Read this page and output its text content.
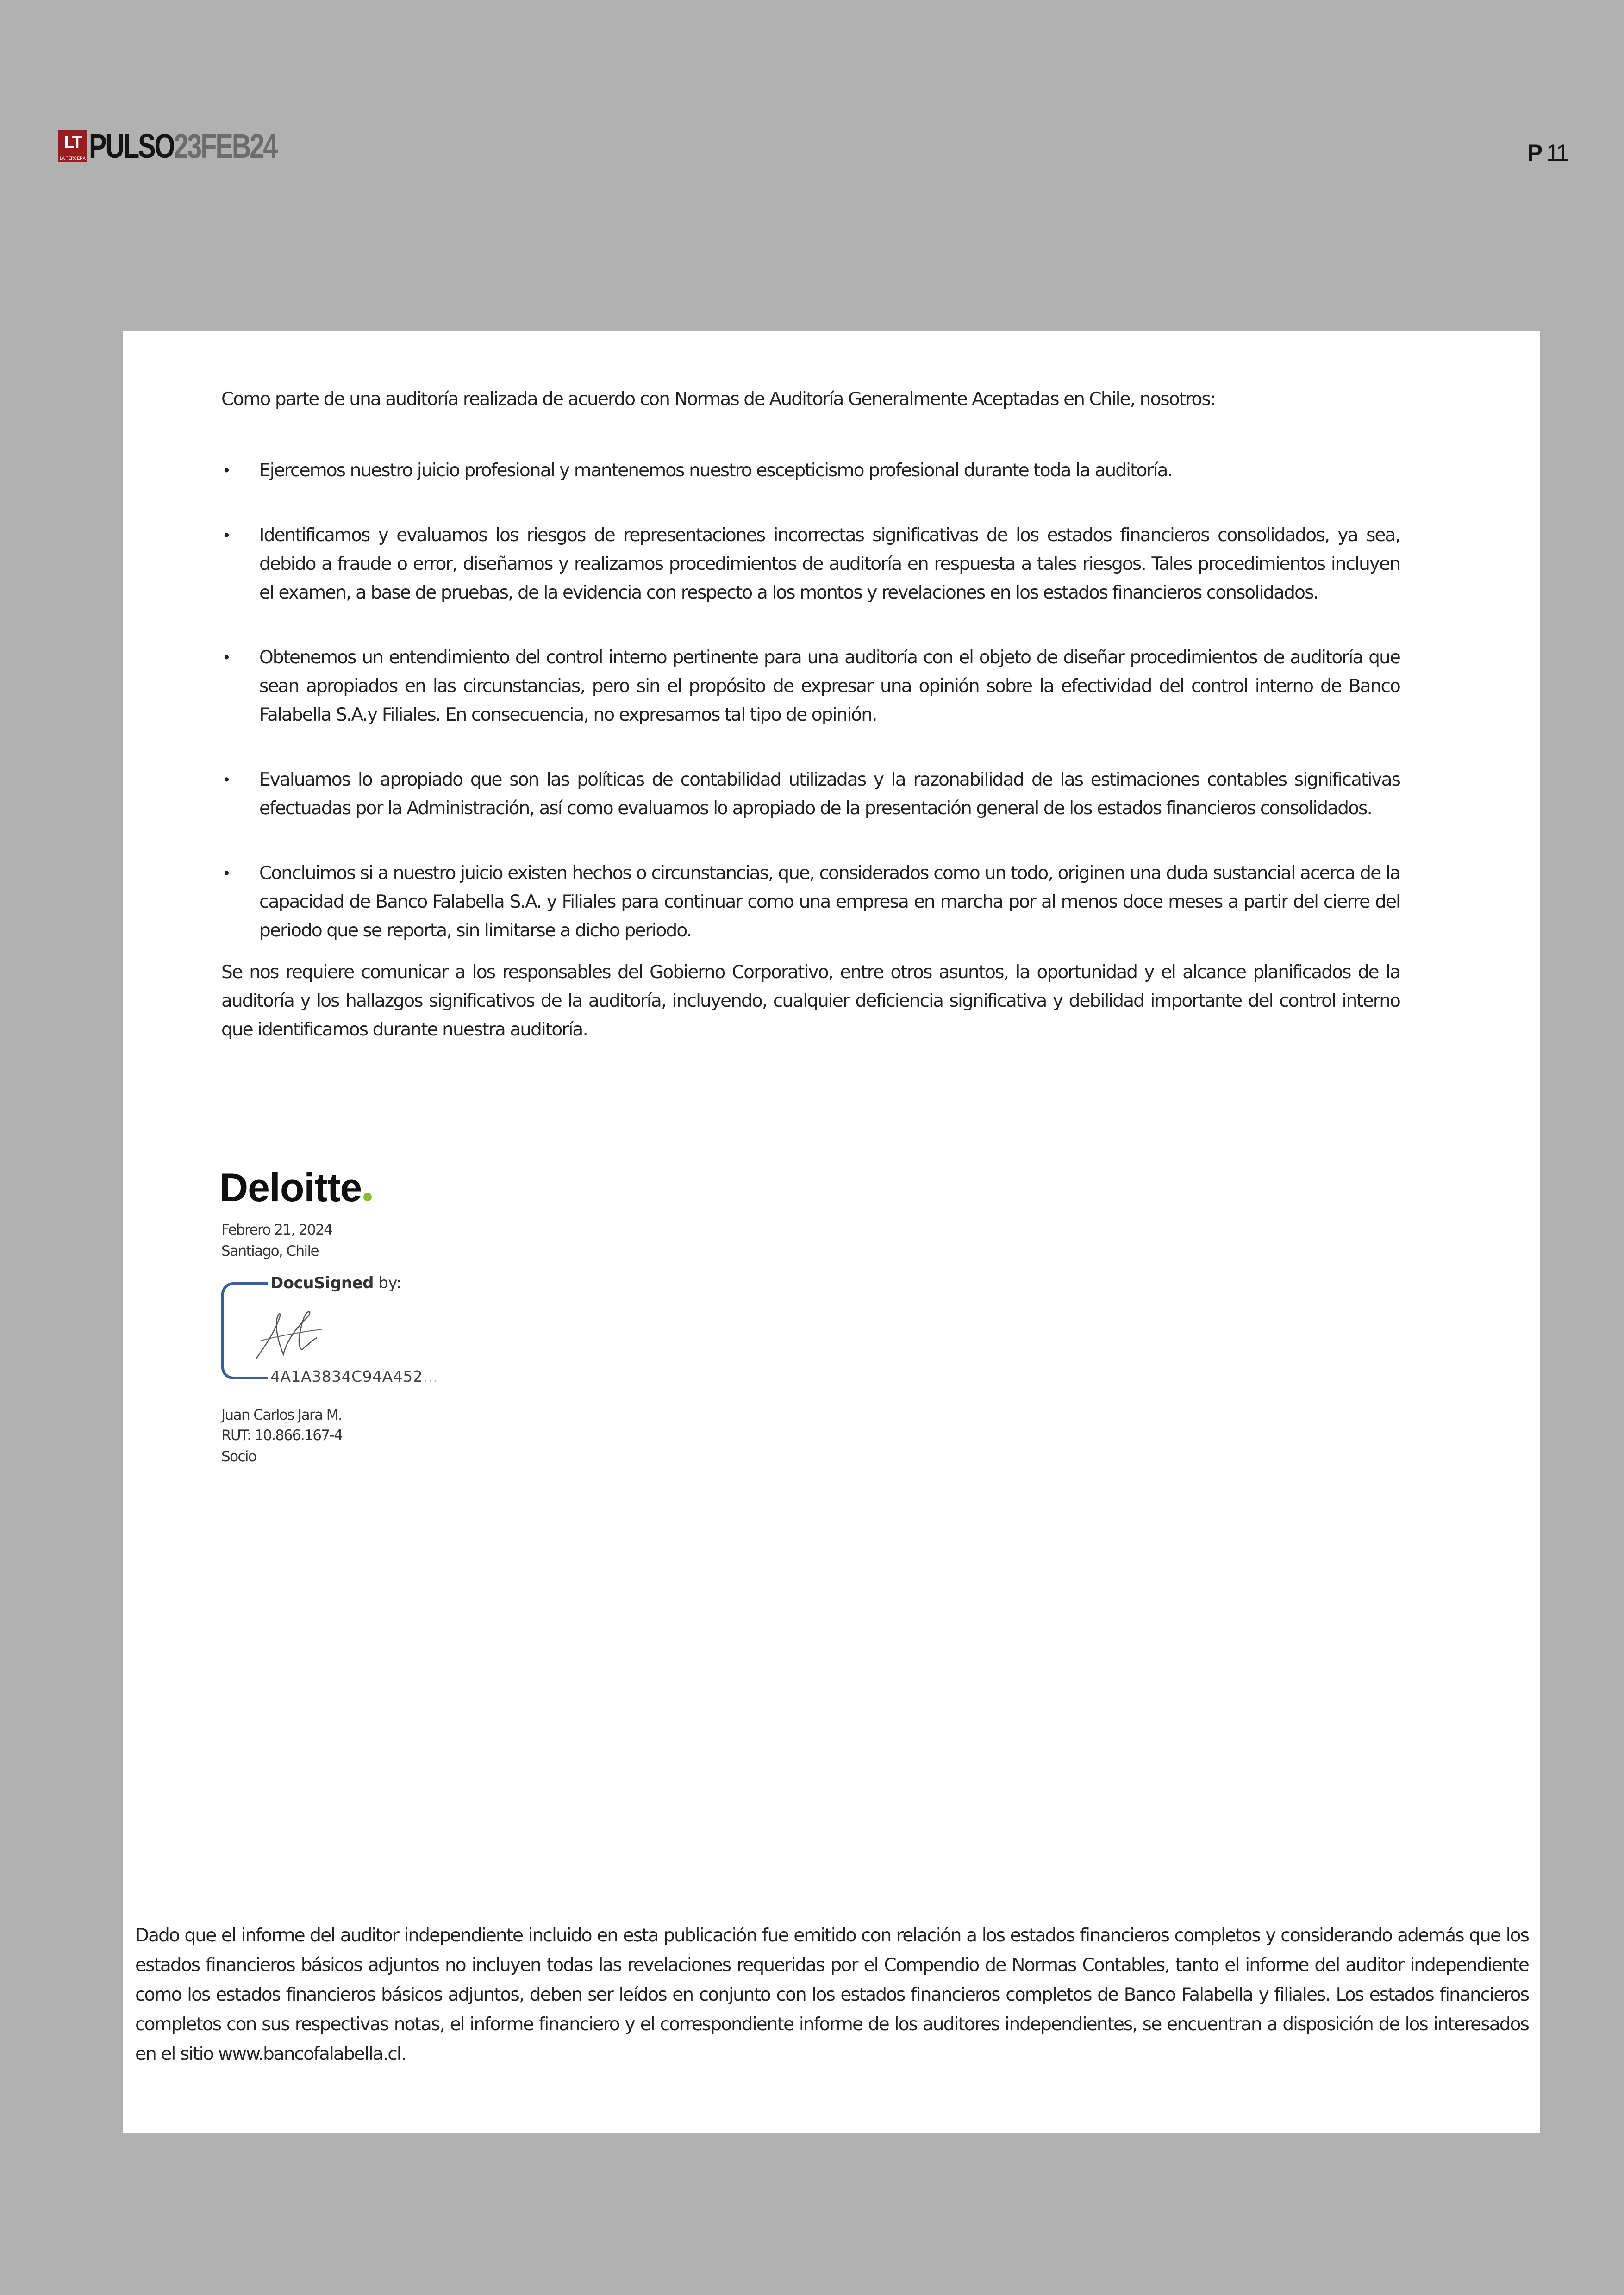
LT
LA TERCERA PULSO23FEB24	P 11

Como parte de una auditoría realizada de acuerdo con Normas de Auditoría Generalmente Aceptadas en Chile, nosotros:

•	Ejercemos nuestro juicio profesional y mantenemos nuestro escepticismo profesional durante toda la auditoría.
•	Identificamos y evaluamos los riesgos de representaciones incorrectas significativas de los estados financieros consolidados, ya sea, debido a fraude o error, diseñamos y realizamos procedimientos de auditoría en respuesta a tales riesgos. Tales procedimientos incluyen el examen, a base de pruebas, de la evidencia con respecto a los montos y revelaciones en los estados financieros consolidados.
•	Obtenemos un entendimiento del control interno pertinente para una auditoría con el objeto de diseñar procedimientos de auditoría que sean apropiados en las circunstancias, pero sin el propósito de expresar una opinión sobre la efectividad del control interno de Banco Falabella S.A.y Filiales. En consecuencia, no expresamos tal tipo de opinión.
•	Evaluamos lo apropiado que son las políticas de contabilidad utilizadas y la razonabilidad de las estimaciones contables significativas efectuadas por la Administración, así como evaluamos lo apropiado de la presentación general de los estados financieros consolidados.
•	Concluimos si a nuestro juicio existen hechos o circunstancias, que, considerados como un todo, originen una duda sustancial acerca de la capacidad de Banco Falabella S.A. y Filiales para continuar como una empresa en marcha por al menos doce meses a partir del cierre del periodo que se reporta, sin limitarse a dicho periodo.

Se nos requiere comunicar a los responsables del Gobierno Corporativo, entre otros asuntos, la oportunidad y el alcance planificados de la auditoría y los hallazgos significativos de la auditoría, incluyendo, cualquier deficiencia significativa y debilidad importante del control interno que identificamos durante nuestra auditoría.

Deloitte
Febrero 21, 2024
Santiago, Chile
DocuSigned by:
4A1A3834C94A452...
Juan Carlos Jara M.
RUT: 10.866.167-4
Socio

Dado que el informe del auditor independiente incluido en esta publicación fue emitido con relación a los estados financieros completos y considerando además que los estados financieros básicos adjuntos no incluyen todas las revelaciones requeridas por el Compendio de Normas Contables, tanto el informe del auditor independiente como los estados financieros básicos adjuntos, deben ser leídos en conjunto con los estados financieros completos de Banco Falabella y filiales. Los estados financieros completos con sus respectivas notas, el informe financiero y el correspondiente informe de los auditores independientes, se encuentran a disposición de los interesados en el sitio www.bancofalabella.cl.
